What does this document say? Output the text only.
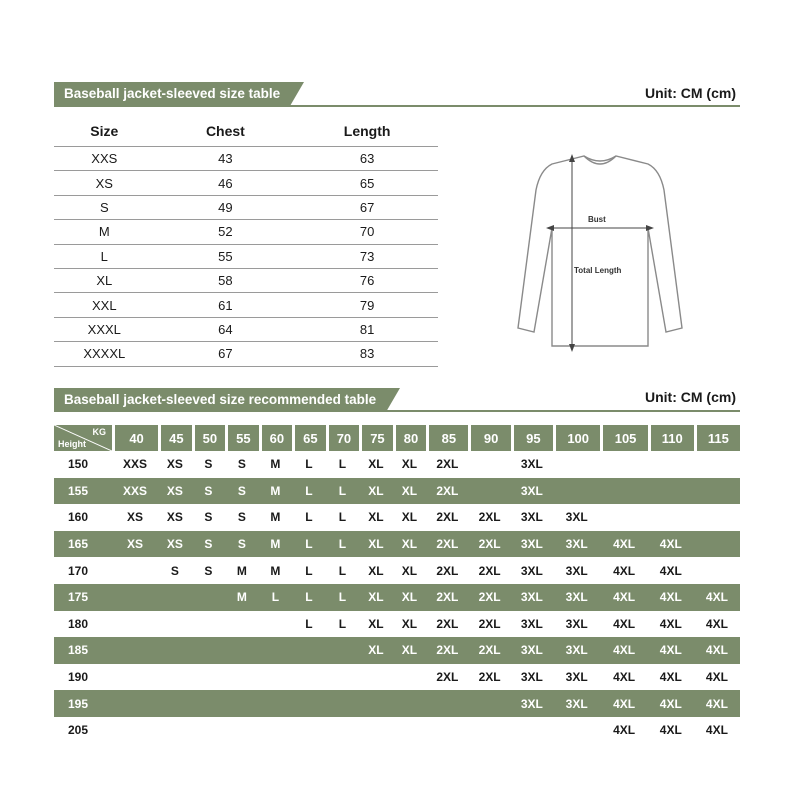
Baseball jacket-sleeved size table	Unit: CM (cm)
Size	Chest	Length
XXS	43	63
XS	46	65
S	49	67
M	52	70
L	55	73
XL	58	76
XXL	61	79
XXXL	64	81
XXXXL	67	83
Bust
Total Length
Baseball jacket-sleeved size recommended table	Unit: CM (cm)
KG
Height	40	45	50	55	60	65	70	75	80	85	90	95	100	105	110	115
150	XXS	XS	S	S	M	L	L	XL	XL	2XL		3XL				
155	XXS	XS	S	S	M	L	L	XL	XL	2XL		3XL				
160	XS	XS	S	S	M	L	L	XL	XL	2XL	2XL	3XL	3XL			
165	XS	XS	S	S	M	L	L	XL	XL	2XL	2XL	3XL	3XL	4XL	4XL	
170		S	S	M	M	L	L	XL	XL	2XL	2XL	3XL	3XL	4XL	4XL	
175				M	L	L	L	XL	XL	2XL	2XL	3XL	3XL	4XL	4XL	4XL
180						L	L	XL	XL	2XL	2XL	3XL	3XL	4XL	4XL	4XL
185								XL	XL	2XL	2XL	3XL	3XL	4XL	4XL	4XL
190										2XL	2XL	3XL	3XL	4XL	4XL	4XL
195												3XL	3XL	4XL	4XL	4XL
205														4XL	4XL	4XL
